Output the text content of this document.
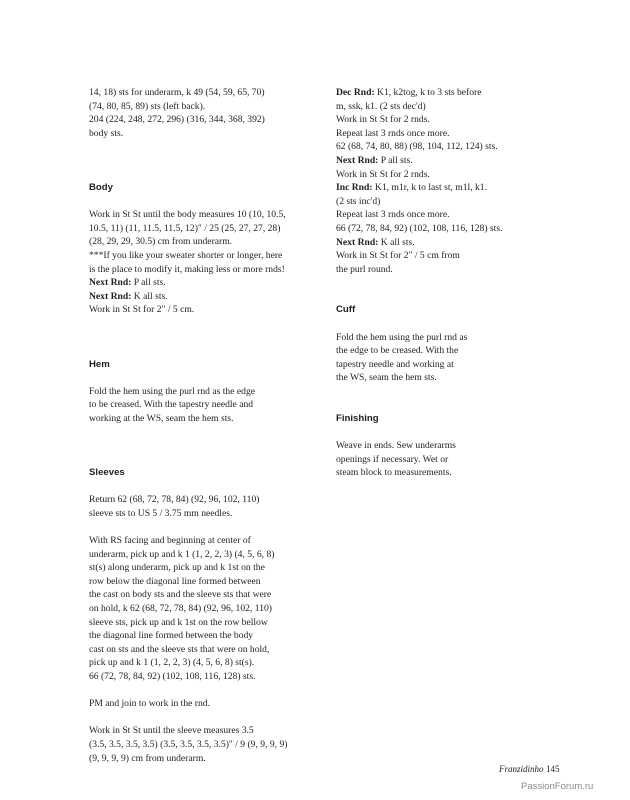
14, 18) sts for underarm, k 49 (54, 59, 65, 70)
(74, 80, 85, 89) sts (left back).
204 (224, 248, 272, 296) (316, 344, 368, 392)
body sts.
Body
Work in St St until the body measures 10 (10, 10.5,
10.5, 11) (11, 11.5, 11.5, 12)" / 25 (25, 27, 27, 28)
(28, 29, 29, 30.5) cm from underarm.
***If you like your sweater shorter or longer, here
is the place to modify it, making less or more rnds!
Next Rnd: P all sts.
Next Rnd: K all sts.
Work in St St for 2" / 5 cm.
Hem
Fold the hem using the purl rnd as the edge
to be creased. With the tapestry needle and
working at the WS, seam the hem sts.
Sleeves
Return 62 (68, 72, 78, 84) (92, 96, 102, 110)
sleeve sts to US 5 / 3.75 mm needles.
With RS facing and beginning at center of
underarm, pick up and k 1 (1, 2, 2, 3) (4, 5, 6, 8)
st(s) along underarm, pick up and k 1st on the
row below the diagonal line formed between
the cast on body sts and the sleeve sts that were
on hold, k 62 (68, 72, 78, 84) (92, 96, 102, 110)
sleeve sts, pick up and k 1st on the row bellow
the diagonal line formed between the body
cast on sts and the sleeve sts that were on hold,
pick up and k 1 (1, 2, 2, 3) (4, 5, 6, 8) st(s).
66 (72, 78, 84, 92) (102, 108, 116, 128) sts.
PM and join to work in the rnd.
Work in St St until the sleeve measures 3.5
(3.5, 3.5, 3.5, 3.5) (3.5, 3.5, 3.5, 3.5)" / 9 (9, 9, 9, 9)
(9, 9, 9, 9) cm from underarm.
Dec Rnd: K1, k2tog, k to 3 sts before
m, ssk, k1. (2 sts dec'd)
Work in St St for 2 rnds.
Repeat last 3 rnds once more.
62 (68, 74, 80, 88) (98, 104, 112, 124) sts.
Next Rnd: P all sts.
Work in St St for 2 rnds.
Inc Rnd: K1, m1r, k to last st, m1l, k1.
(2 sts inc'd)
Repeat last 3 rnds once more.
66 (72, 78, 84, 92) (102, 108, 116, 128) sts.
Next Rnd: K all sts.
Work in St St for 2" / 5 cm from
the purl round.
Cuff
Fold the hem using the purl rnd as
the edge to be creased. With the
tapestry needle and working at
the WS, seam the hem sts.
Finishing
Weave in ends. Sew underarms
openings if necessary. Wet or
steam block to measurements.
Franzidinho 145
PassionForum.ru
